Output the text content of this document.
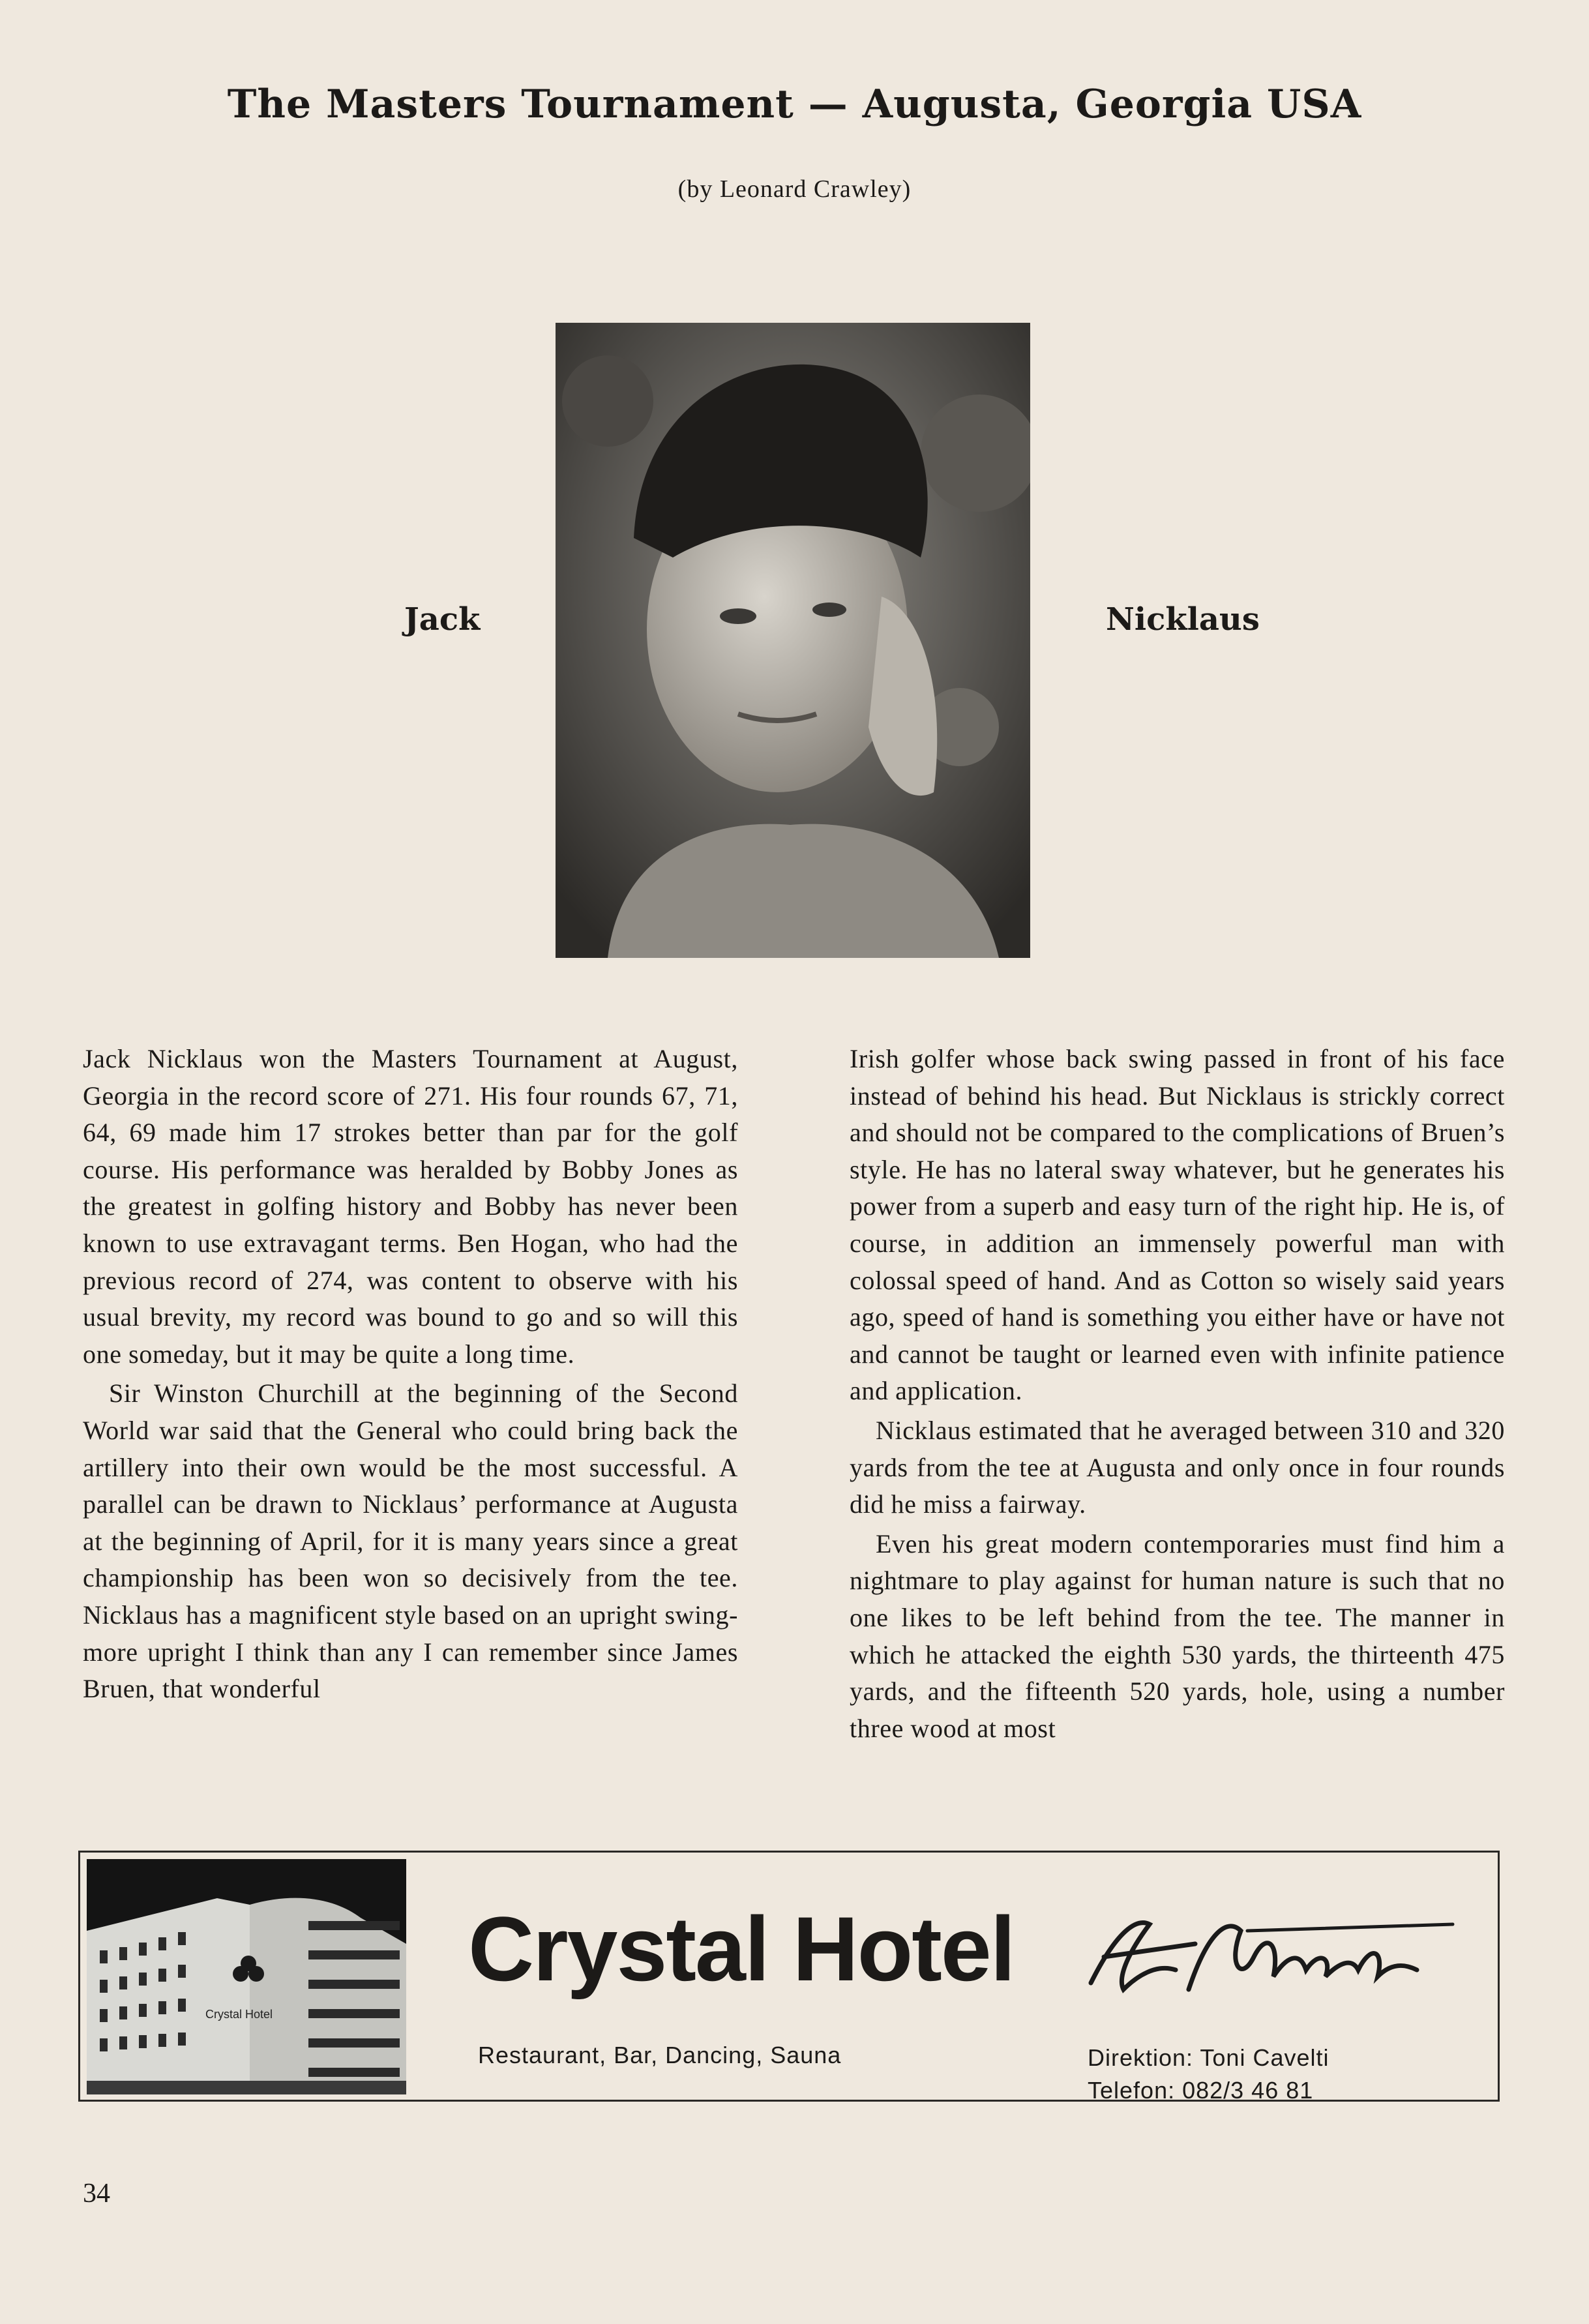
The Masters Tournament — Augusta, Georgia USA
(by Leonard Crawley)
Jack	Nicklaus

Jack Nicklaus won the Masters Tournament at August, Georgia in the record score of 271. His four rounds 67, 71, 64, 69 made him 17 strokes better than par for the golf course. His performance was heralded by Bobby Jones as the greatest in golfing history and Bobby has never been known to use extravagant terms. Ben Hogan, who had the previous record of 274, was content to observe with his usual brevity, my record was bound to go and so will this one someday, but it may be quite a long time.

Sir Winston Churchill at the beginning of the Second World war said that the General who could bring back the artillery into their own would be the most successful. A parallel can be drawn to Nicklaus’ performance at Augusta at the beginning of April, for it is many years since a great championship has been won so decisively from the tee. Nicklaus has a magnificent style based on an upright swing-more upright I think than any I can remember since James Bruen, that wonderful

Irish golfer whose back swing passed in front of his face instead of behind his head. But Nicklaus is strickly correct and should not be compared to the complications of Bruen’s style. He has no lateral sway whatever, but he generates his power from a superb and easy turn of the right hip. He is, of course, in addition an immensely powerful man with colossal speed of hand. And as Cotton so wisely said years ago, speed of hand is something you either have or have not and cannot be taught or learned even with infinite patience and application.

Nicklaus estimated that he averaged between 310 and 320 yards from the tee at Augusta and only once in four rounds did he miss a fairway.

Even his great modern contemporaries must find him a nightmare to play against for human nature is such that no one likes to be left behind from the tee. The manner in which he attacked the eighth 530 yards, the thirteenth 475 yards, and the fifteenth 520 yards, hole, using a number three wood at most

Crystal Hotel
Crystal Hotel
Restaurant, Bar, Dancing, Sauna	Direktion: Toni Cavelti
Telefon: 082/3 46 81
34
